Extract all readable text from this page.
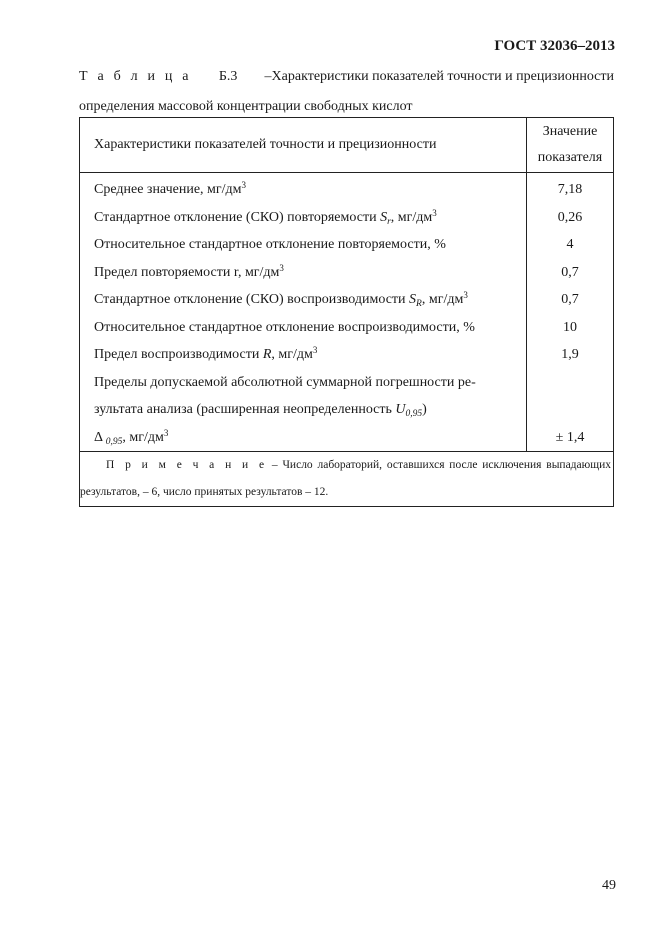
ГОСТ 32036–2013
Т а б л и ц а Б.3 –Характеристики показателей точности и прецизионности
определения массовой концентрации свободных кислот
Характеристики показателей точности и прецизионности	Значение
показателя

Среднее значение, $мг/дм^3$	7,18
Стандартное отклонение (СКО) повторяемости $S_r$, $мг/дм^3$	0,26
Относительное стандартное отклонение повторяемости, %	4
Предел повторяемости r, $мг/дм^3$	0,7
Стандартное отклонение (СКО) воспроизводимости $S_R$, $мг/дм^3$	0,7
Относительное стандартное отклонение воспроизводимости, %	10
Предел воспроизводимости R, $мг/дм^3$	1,9
Пределы допускаемой абсолютной суммарной погрешности ре-	
зультата анализа (расширенная неопределенность $U_{0,95}$)	
Δ $_{0,95}$, $мг/дм^3$	± 1,4
П р и м е ч а н и е – Число лабораторий, оставшихся после исключения выпадающих результатов, – 6, число принятых результатов – 12.	
49
